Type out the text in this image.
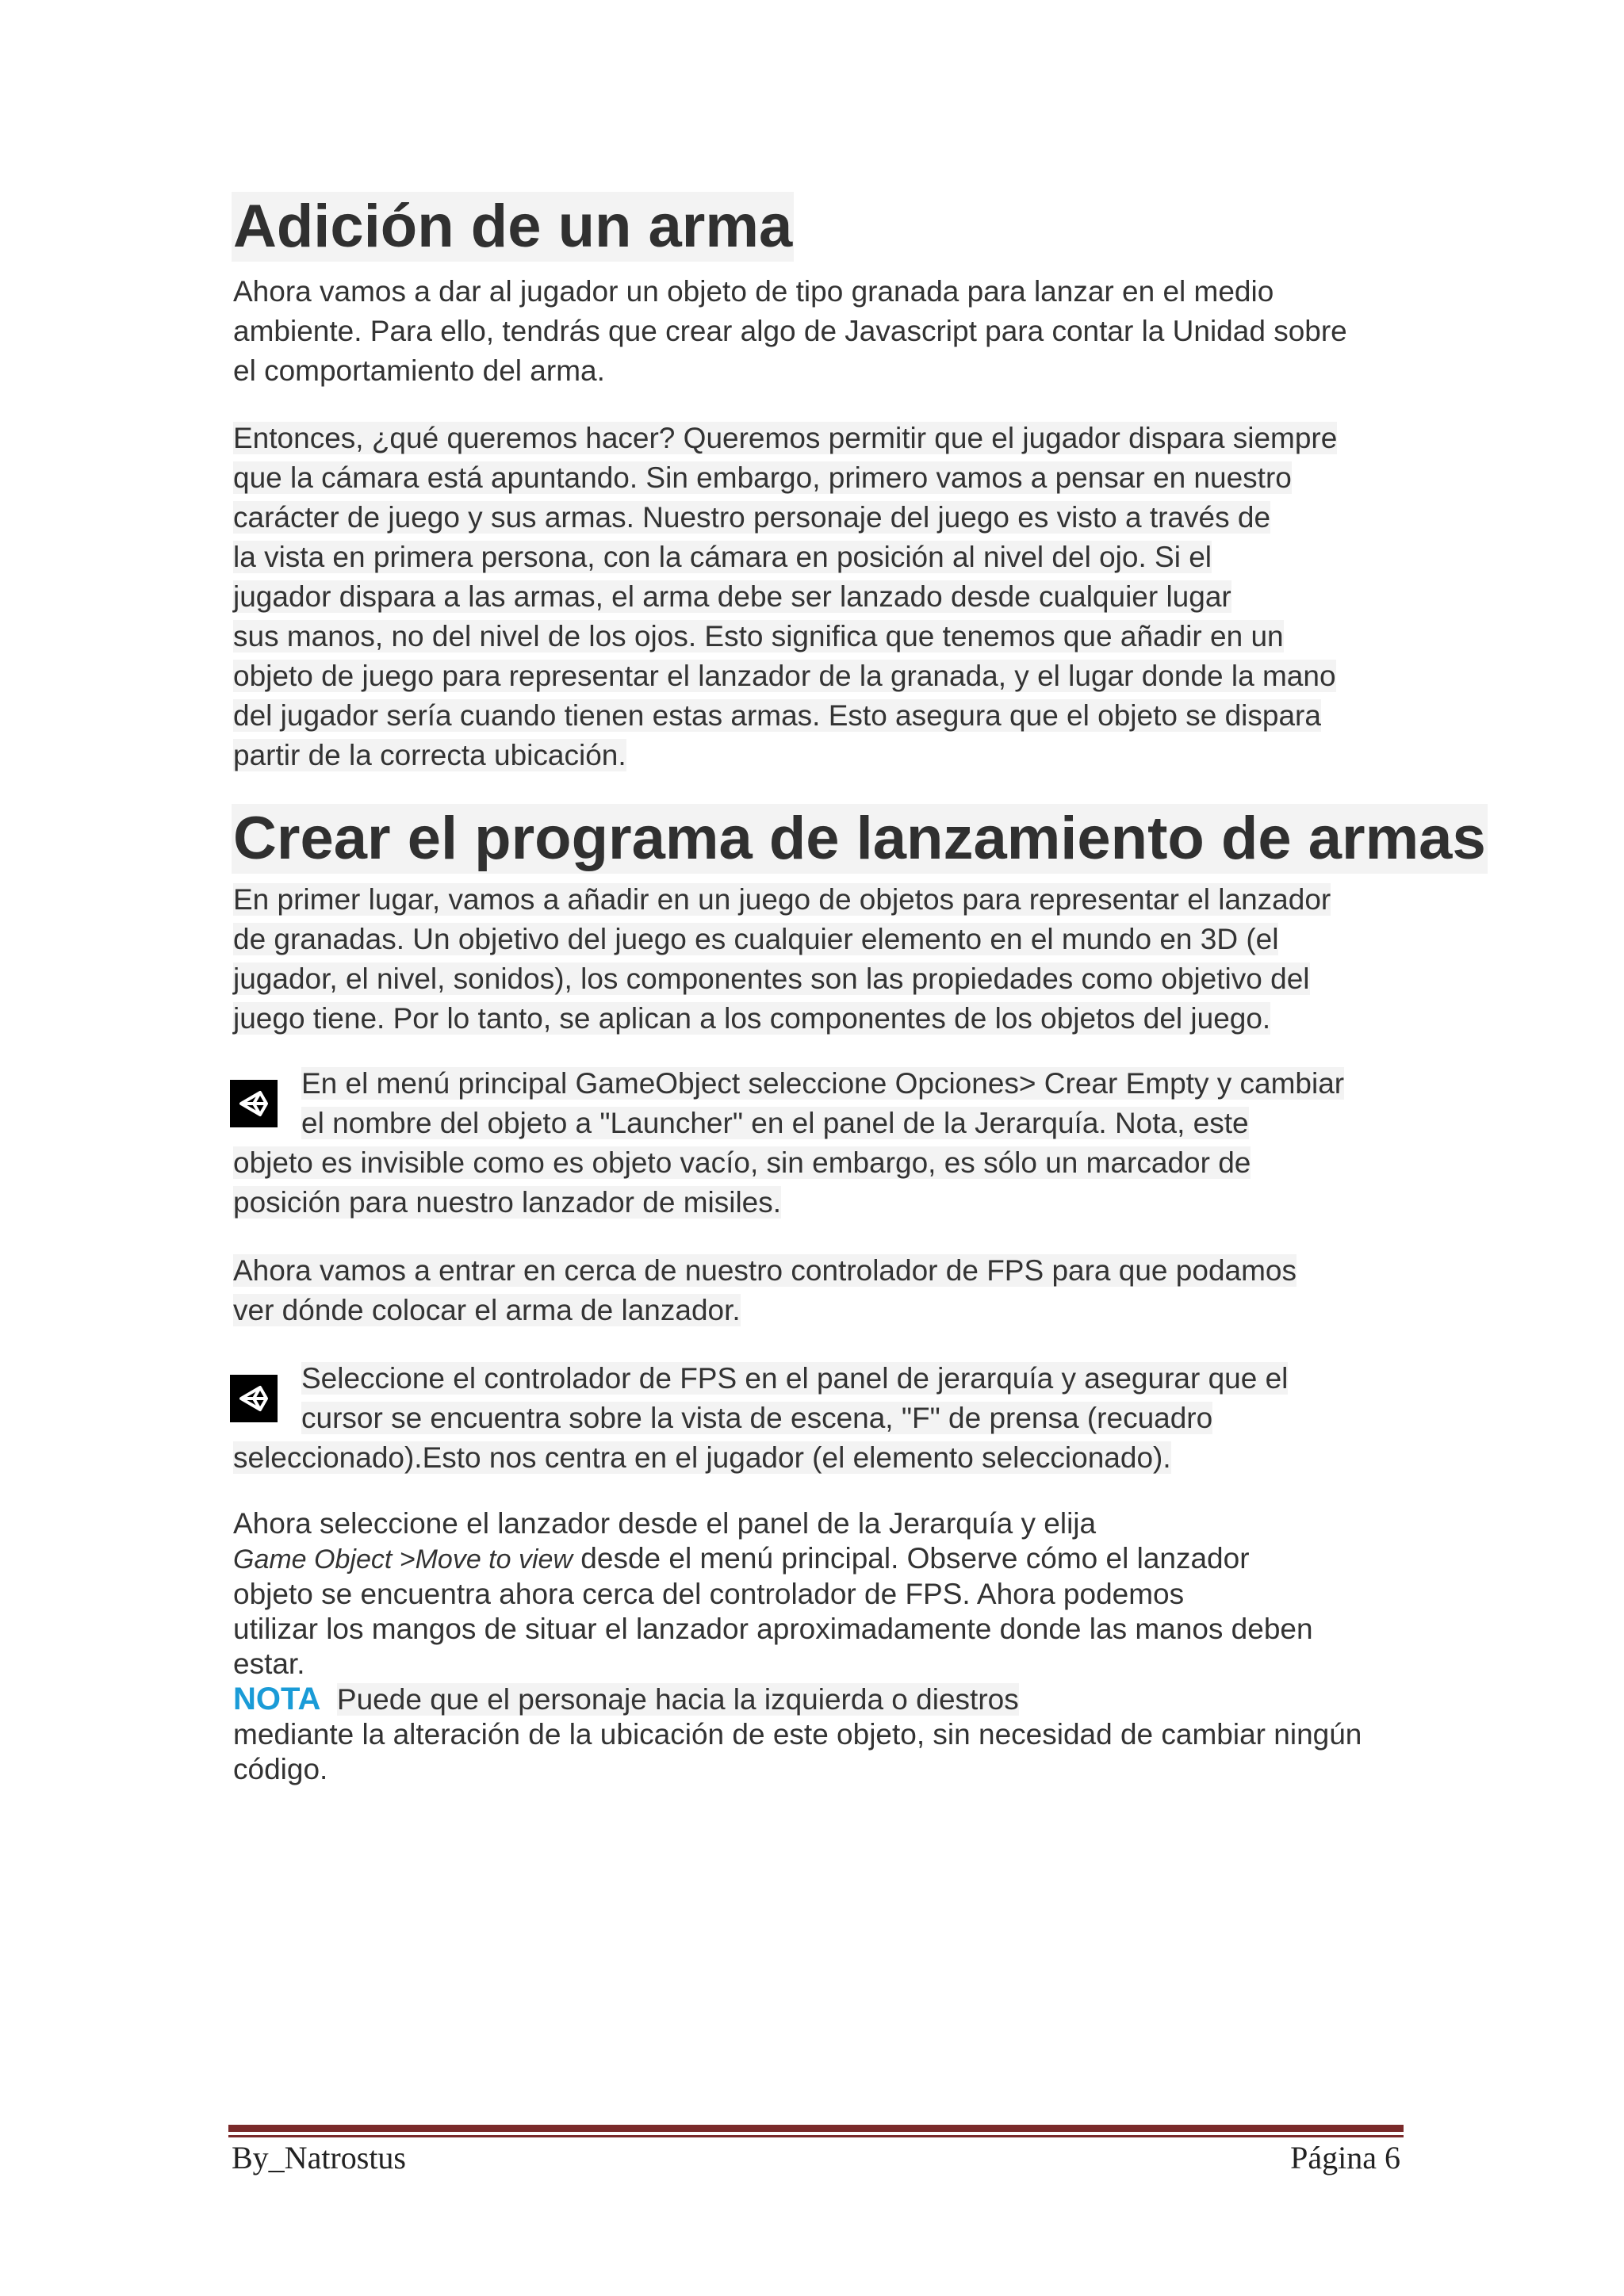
Adición de un arma
Ahora vamos a dar al jugador un objeto de tipo granada para lanzar en el medio
ambiente. Para ello, tendrás que crear algo de Javascript para contar la Unidad sobre
el comportamiento del arma.
Entonces, ¿qué queremos hacer? Queremos permitir que el jugador dispara siempre
que la cámara está apuntando. Sin embargo, primero vamos a pensar en nuestro
carácter de juego y sus armas. Nuestro personaje del juego es visto a través de
la vista en primera persona, con la cámara en posición al nivel del ojo. Si el
jugador dispara a las armas, el arma debe ser lanzado desde cualquier lugar
sus manos, no del nivel de los ojos. Esto significa que tenemos que añadir en un
objeto de juego para representar el lanzador de la granada, y el lugar donde la mano
del jugador sería cuando tienen estas armas. Esto asegura que el objeto se dispara
partir de la correcta ubicación.
Crear el programa de lanzamiento de armas
En primer lugar, vamos a añadir en un juego de objetos para representar el lanzador
de granadas. Un objetivo del juego es cualquier elemento en el mundo en 3D (el
jugador, el nivel, sonidos), los componentes son las propiedades como objetivo del
juego tiene. Por lo tanto, se aplican a los componentes de los objetos del juego.
En el menú principal GameObject seleccione Opciones> Crear Empty y cambiar
el nombre del objeto a "Launcher" en el panel de la Jerarquía. Nota, este
objeto es invisible como es objeto vacío, sin embargo, es sólo un marcador de
posición para nuestro lanzador de misiles.
Ahora vamos a entrar en cerca de nuestro controlador de FPS para que podamos
ver dónde colocar el arma de lanzador.
Seleccione el controlador de FPS en el panel de jerarquía y asegurar que el
cursor se encuentra sobre la vista de escena, "F" de prensa (recuadro
seleccionado).Esto nos centra en el jugador (el elemento seleccionado).
Ahora seleccione el lanzador desde el panel de la Jerarquía y elija
Game Object >Move to view desde el menú principal. Observe cómo el lanzador
objeto se encuentra ahora cerca del controlador de FPS. Ahora podemos
utilizar los mangos de situar el lanzador aproximadamente donde las manos deben
estar.
NOTA Puede que el personaje hacia la izquierda o diestros
mediante la alteración de la ubicación de este objeto, sin necesidad de cambiar ningún
código.
By_Natrostus	Página 6
